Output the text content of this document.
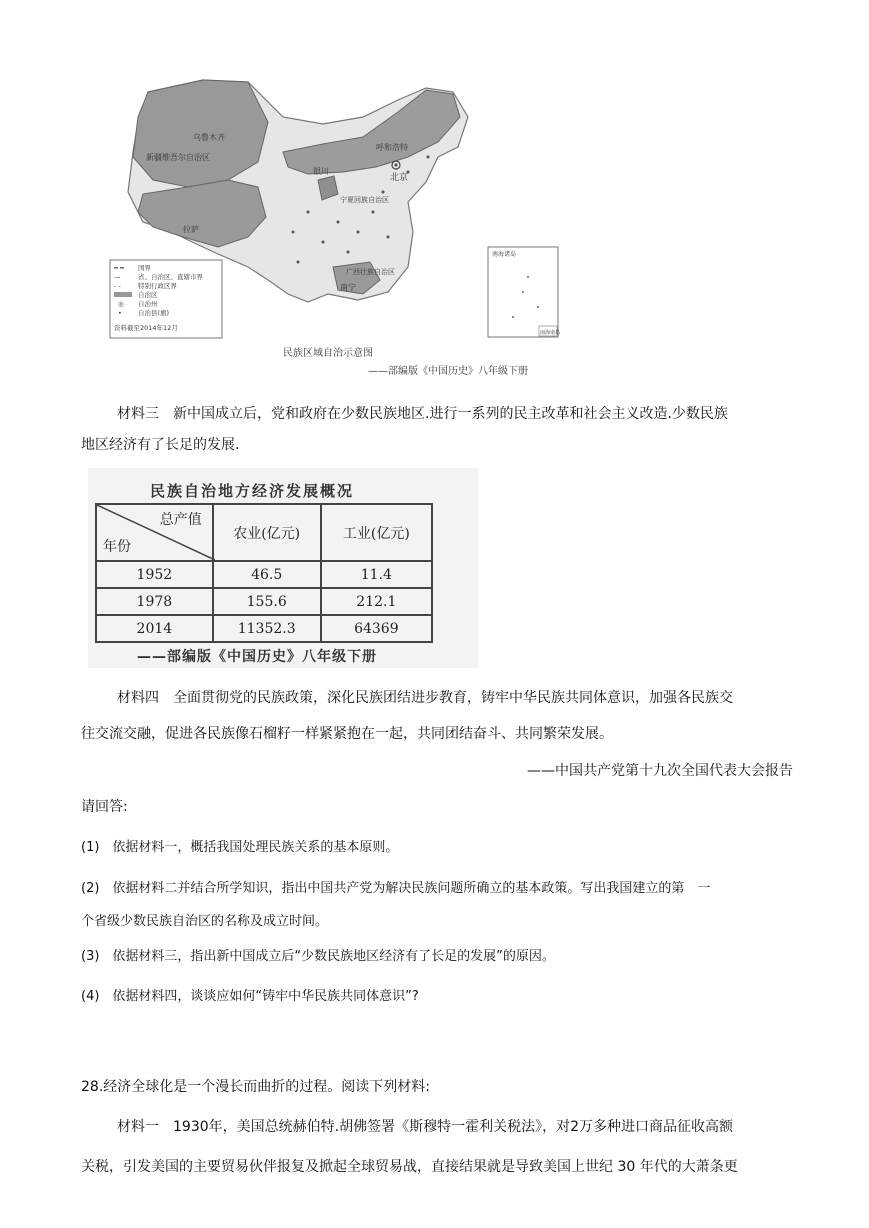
乌鲁木齐
新疆维吾尔自治区
呼和浩特
北京
银川
宁夏回族自治区
拉萨
广西壮族自治区
南宁
━ ━ 国界
—	省、自治区、直辖市界
- -	特别行政区界
自治区
◎ 自治州
• 自治县(旗)
资料截至2014年12月
南海诸岛
南海诸岛
民族区域自治示意图
——部编版《中国历史》八年级下册
材料三　新中国成立后，党和政府在少数民族地区.进行一系列的民主改革和社会主义改造.少数民族
地区经济有了长足的发展.
民族自治地方经济发展概况
总产值
年份	农业(亿元)	工业(亿元)
1952	46.5	11.4
1978	155.6	212.1
2014	11352.3	64369
——部编版《中国历史》八年级下册
材料四　全面贯彻党的民族政策，深化民族团结进步教育，铸牢中华民族共同体意识，加强各民族交
往交流交融，促进各民族像石榴籽一样紧紧抱在一起，共同团结奋斗、共同繁荣发展。
——中国共产党第十九次全国代表大会报告
请回答:
(1)　依据材料一，概括我国处理民族关系的基本原则。
(2)　依据材料二并结合所学知识，指出中国共产党为解决民族问题所确立的基本政策。写出我国建立的第　一
个省级少数民族自治区的名称及成立时间。
(3)　依据材料三，指出新中国成立后“少数民族地区经济有了长足的发展”的原因。
(4)　依据材料四，谈谈应如何“铸牢中华民族共同体意识”?
28.经济全球化是一个漫长而曲折的过程。阅读下列材料:
材料一　1930年，美国总统赫伯特.胡佛签署《斯穆特一霍利关税法》，对2万多种进口商品征收高额
关税，引发美国的主要贸易伙伴报复及掀起全球贸易战，直接结果就是导致美国上世纪 30 年代的大萧条更
